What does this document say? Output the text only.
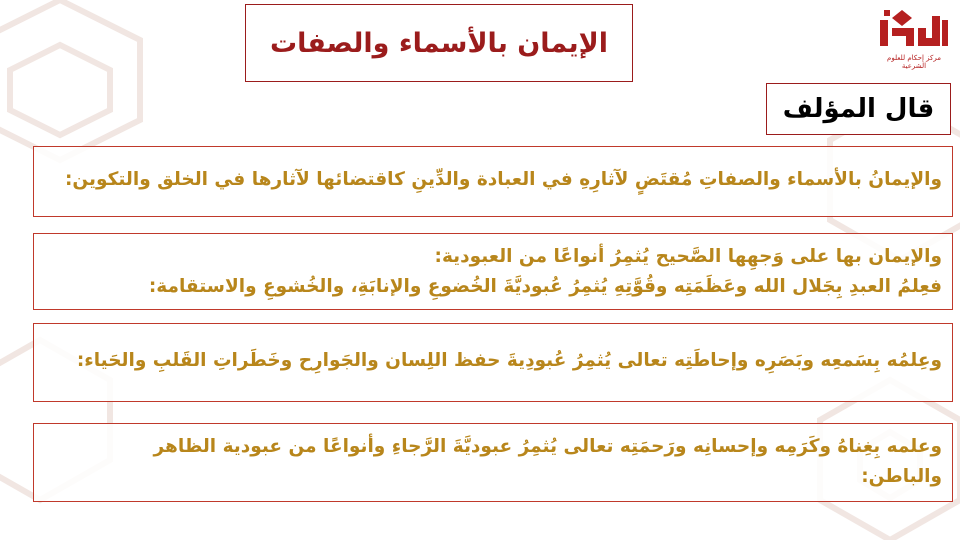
الإيمان بالأسماء والصفات	مركز إحكام للعلوم الشرعية
قال المؤلف

والإيمانُ بالأسماء والصفاتِ مُقتَضٍ لآثارِهِ في العبادة والدِّينِ كاقتضائها لآثارها في الخلق والتكوين:

والإيمان بها على وَجهِها الصَّحيح يُثمِرُ أنواعًا من العبودية:

فعِلمُ العبدِ بِجَلال الله وعَظَمَتِه وقُوَّتِهِ يُثمِرُ عُبوديَّةَ الخُضوعِ والإنابَةِ، والخُشوعِ والاستقامة:

وعِلمُه بِسَمعِه وبَصَرِه وإحاطَتِه تعالى يُثمِرُ عُبودِيةَ حفظ اللِسان والجَوارِح وخَطَراتِ القَلبِ والحَياء:

وعلمه بِغِناهُ وكَرَمِه وإحسانِه ورَحمَتِه تعالى يُثمِرُ عبوديَّةَ الرَّجاءِ وأنواعًا من عبودية الظاهر

والباطن:
